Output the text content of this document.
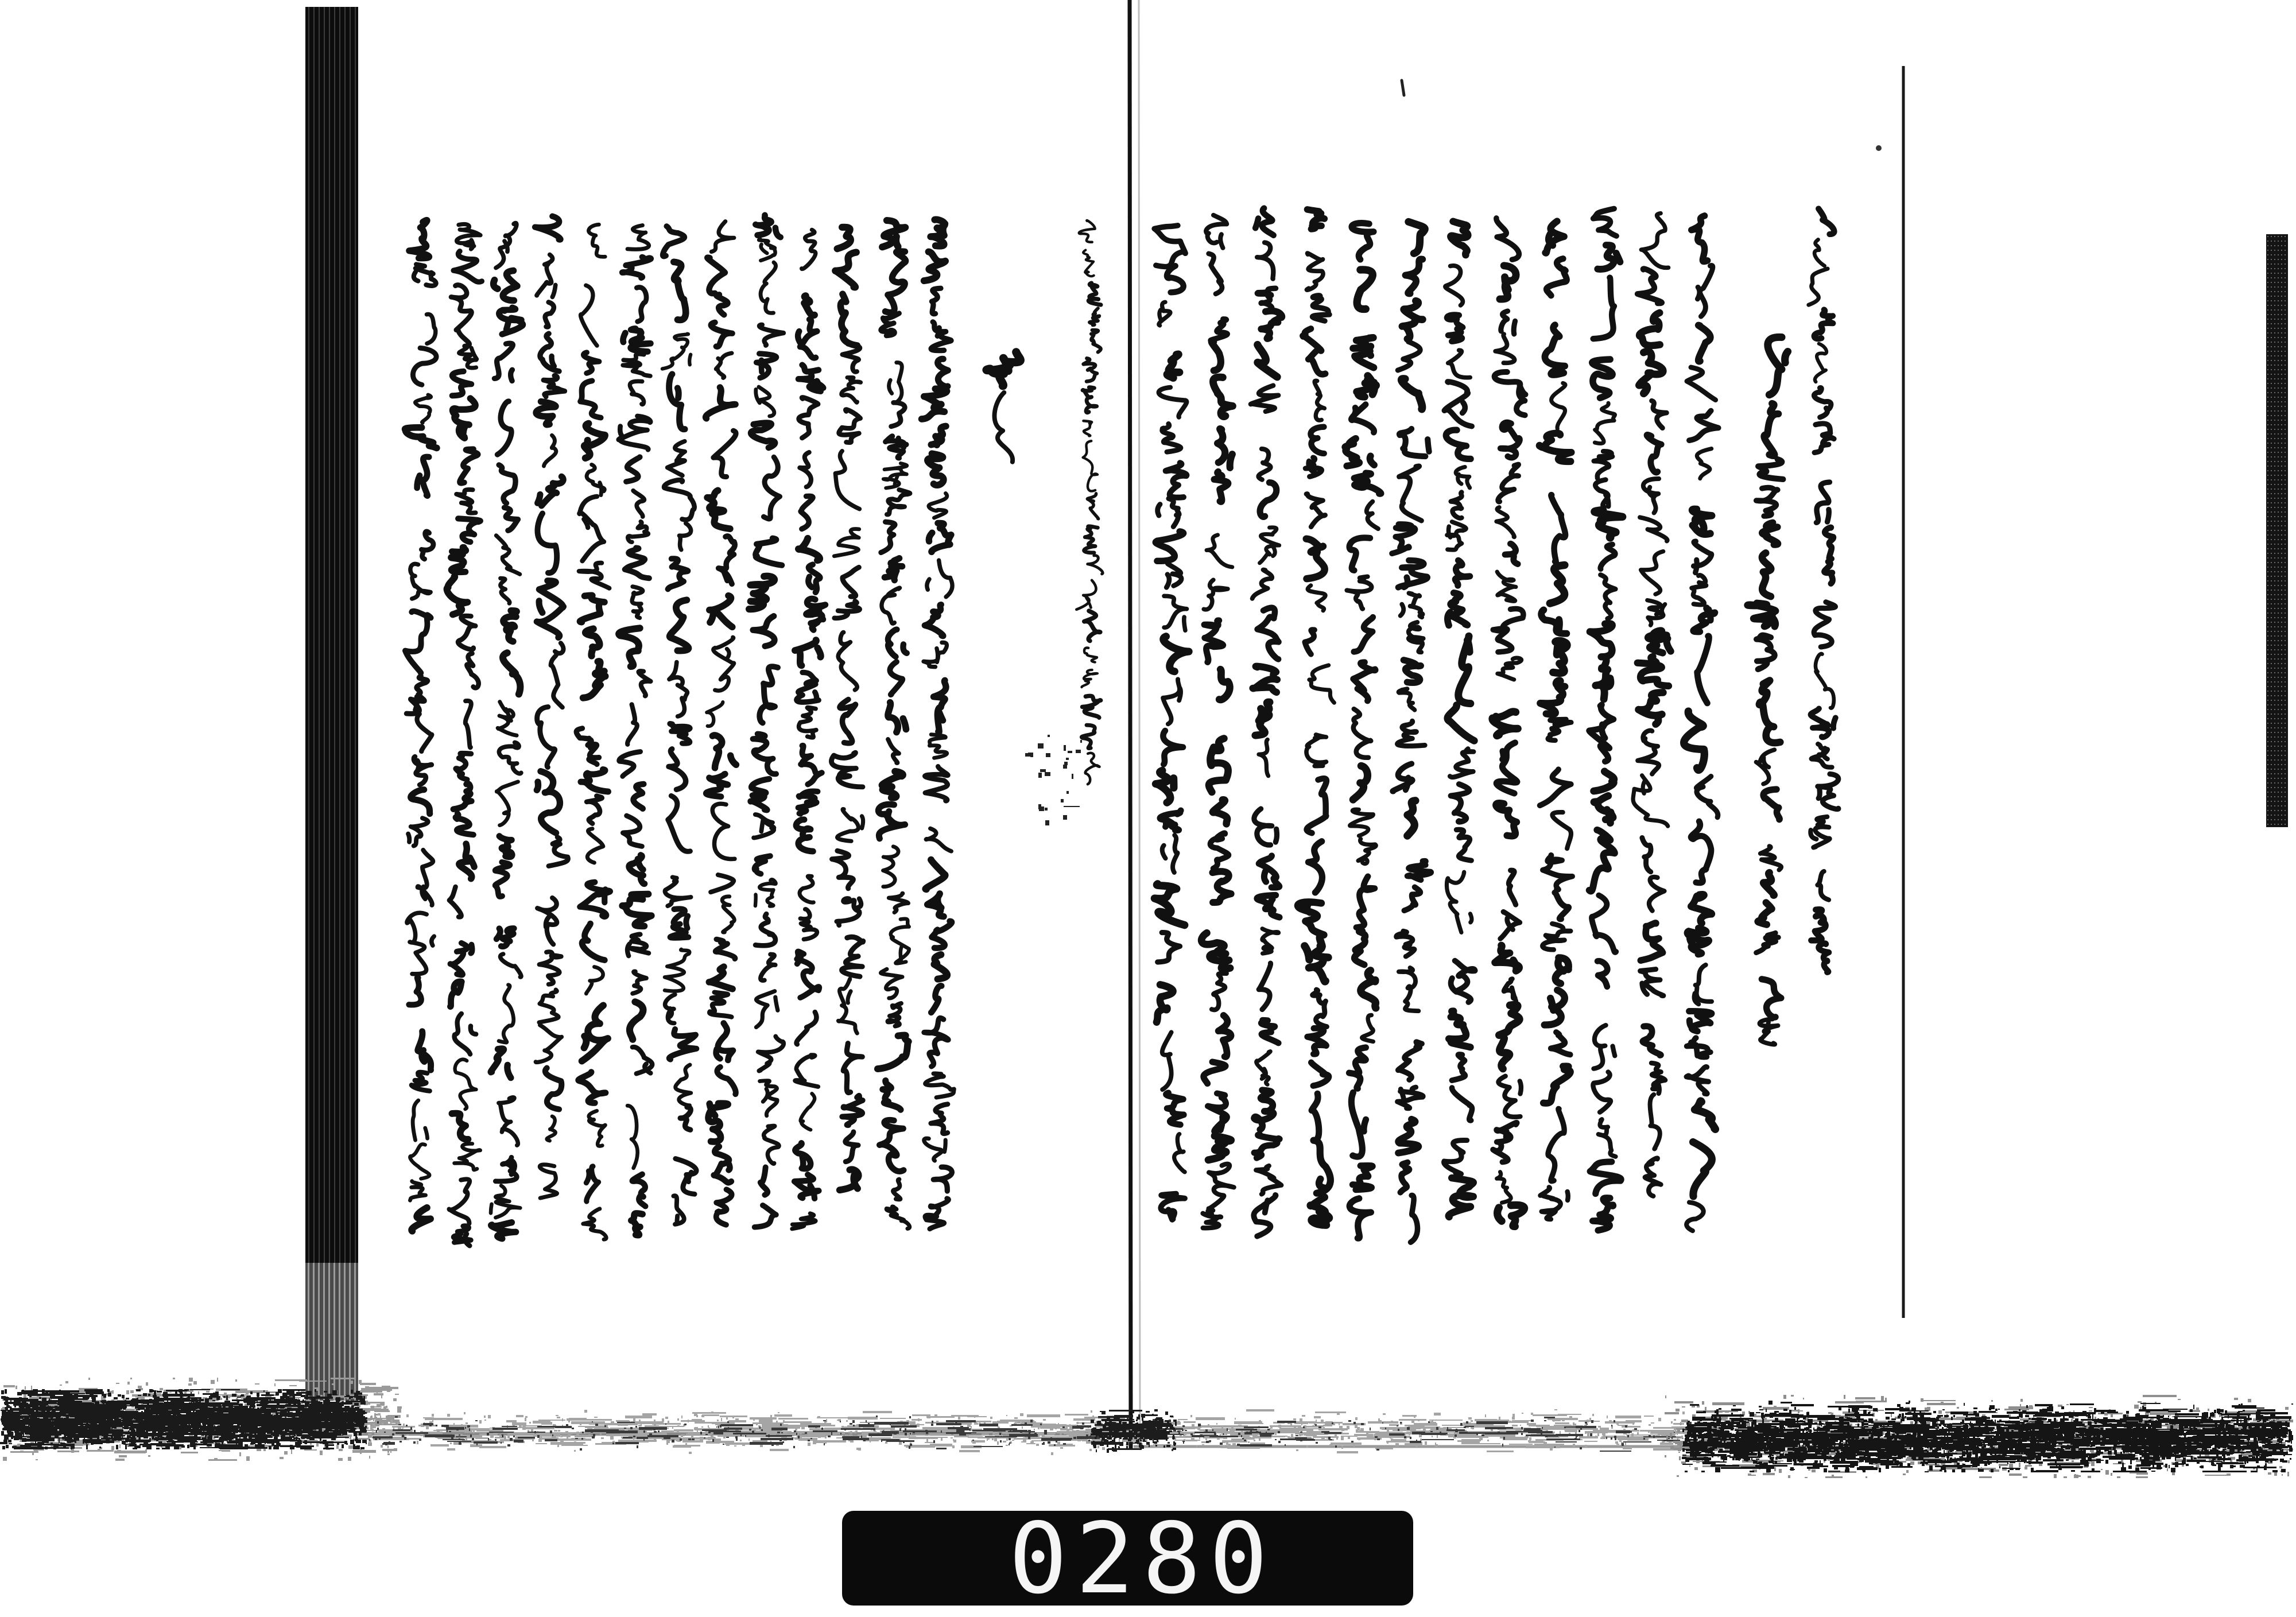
0280
